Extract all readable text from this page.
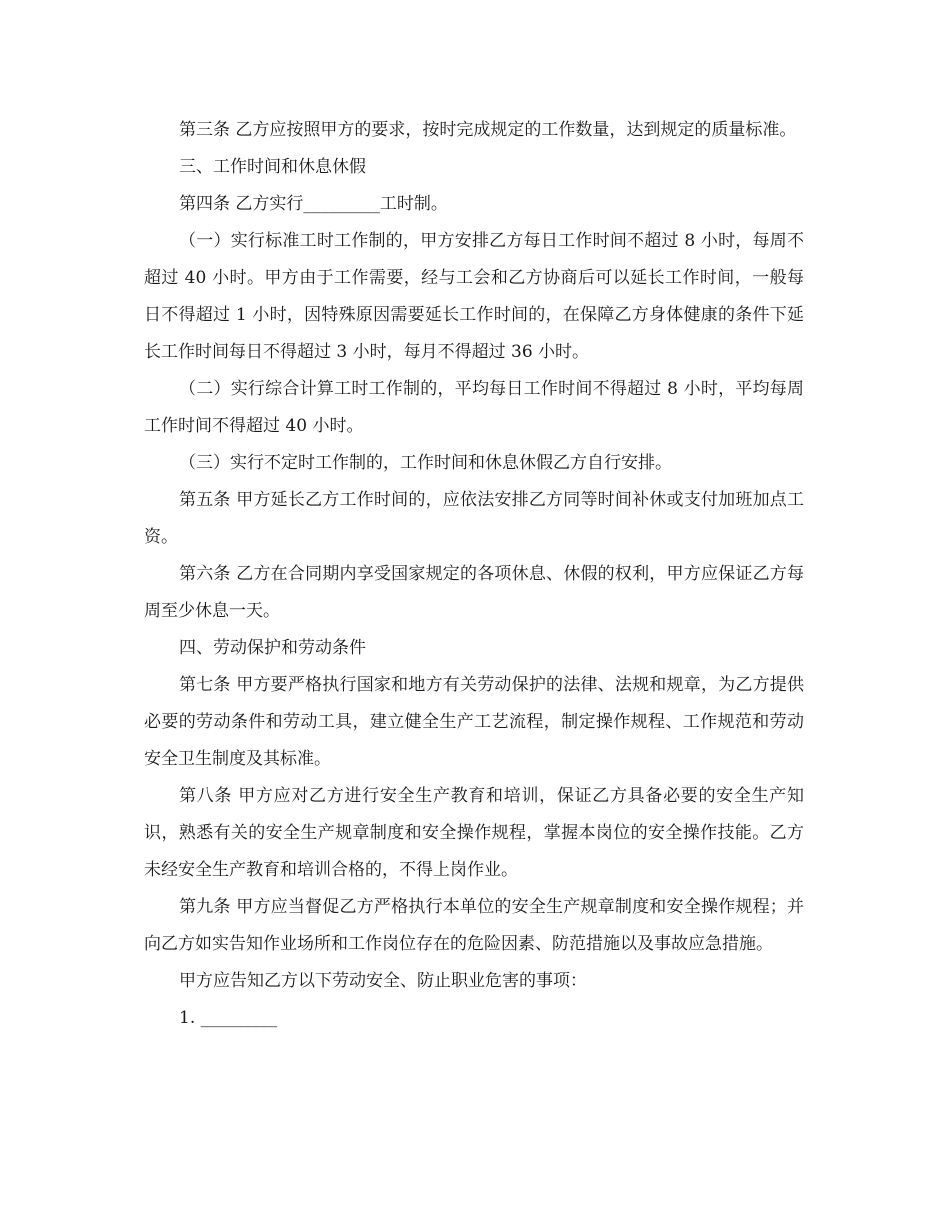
第三条 乙方应按照甲方的要求，按时完成规定的工作数量，达到规定的质量标准。

三、工作时间和休息休假

第四条 乙方实行_________工时制。

（一）实行标准工时工作制的，甲方安排乙方每日工作时间不超过 8 小时，每周不超过 40 小时。甲方由于工作需要，经与工会和乙方协商后可以延长工作时间，一般每日不得超过 1 小时，因特殊原因需要延长工作时间的，在保障乙方身体健康的条件下延长工作时间每日不得超过 3 小时，每月不得超过 36 小时。

（二）实行综合计算工时工作制的，平均每日工作时间不得超过 8 小时，平均每周工作时间不得超过 40 小时。

（三）实行不定时工作制的，工作时间和休息休假乙方自行安排。

第五条 甲方延长乙方工作时间的，应依法安排乙方同等时间补休或支付加班加点工资。

第六条 乙方在合同期内享受国家规定的各项休息、休假的权利，甲方应保证乙方每周至少休息一天。

四、劳动保护和劳动条件

第七条 甲方要严格执行国家和地方有关劳动保护的法律、法规和规章，为乙方提供必要的劳动条件和劳动工具，建立健全生产工艺流程，制定操作规程、工作规范和劳动安全卫生制度及其标准。

第八条 甲方应对乙方进行安全生产教育和培训，保证乙方具备必要的安全生产知识，熟悉有关的安全生产规章制度和安全操作规程，掌握本岗位的安全操作技能。乙方未经安全生产教育和培训合格的，不得上岗作业。

第九条 甲方应当督促乙方严格执行本单位的安全生产规章制度和安全操作规程；并向乙方如实告知作业场所和工作岗位存在的危险因素、防范措施以及事故应急措施。

甲方应告知乙方以下劳动安全、防止职业危害的事项：

1. _________
